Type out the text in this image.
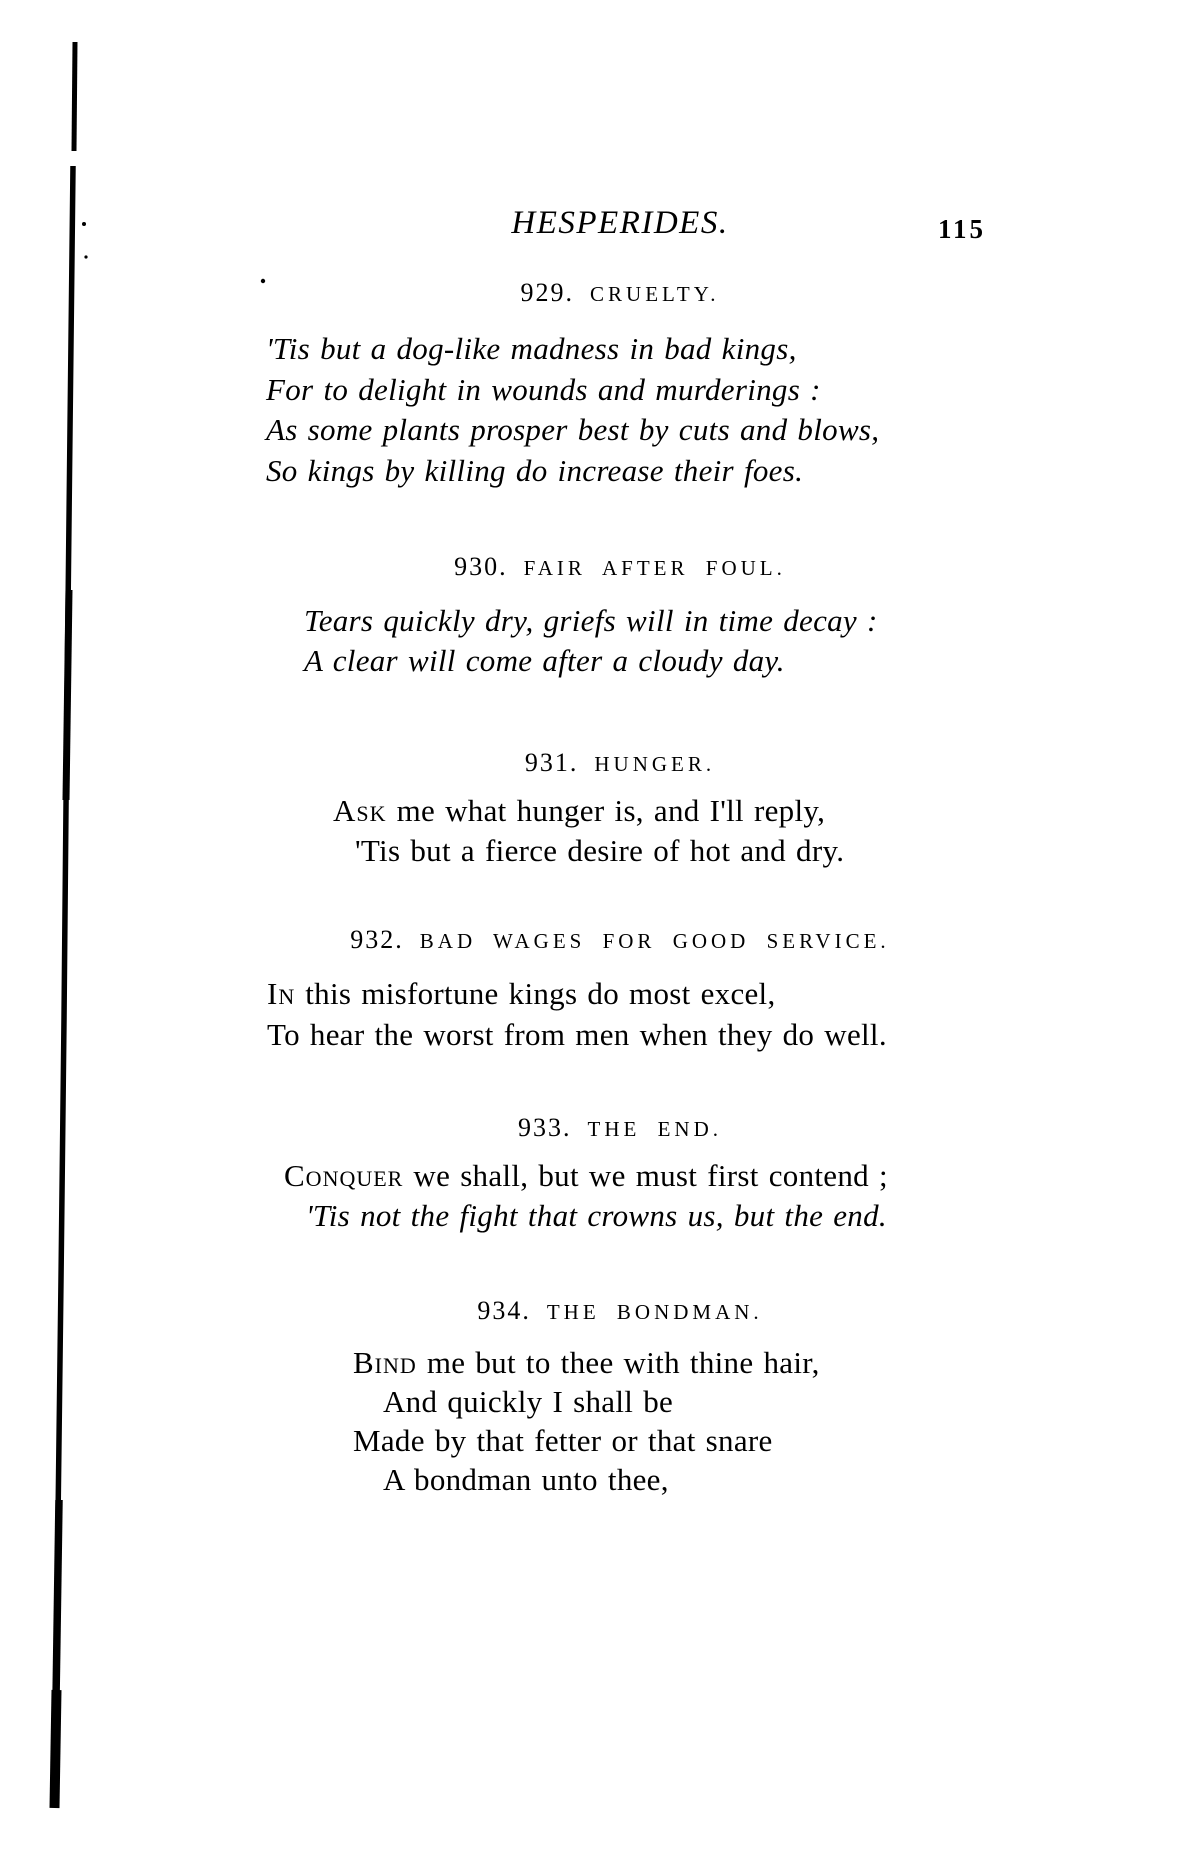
HESPERIDES.	115
929. CRUELTY.
'Tis but a dog-like madness in bad kings,
For to delight in wounds and murderings :
As some plants prosper best by cuts and blows,
So kings by killing do increase their foes.
930. FAIR AFTER FOUL.
Tears quickly dry, griefs will in time decay :
A clear will come after a cloudy day.
931. HUNGER.
Ask me what hunger is, and I'll reply,
'Tis but a fierce desire of hot and dry.
932. BAD WAGES FOR GOOD SERVICE.
In this misfortune kings do most excel,
To hear the worst from men when they do well.
933. THE END.
Conquer we shall, but we must first contend ;
'Tis not the fight that crowns us, but the end.
934. THE BONDMAN.
Bind me but to thee with thine hair,
And quickly I shall be
Made by that fetter or that snare
A bondman unto thee,
